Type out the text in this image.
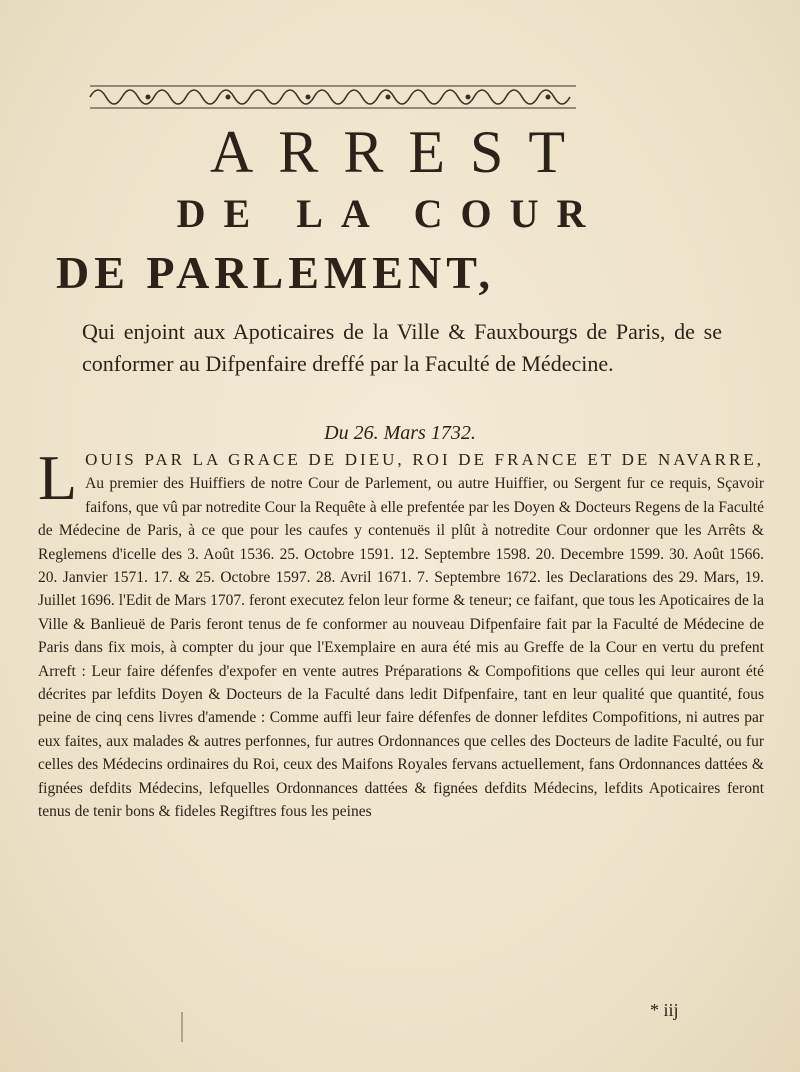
ARREST
DE LA COUR
DE PARLEMENT,

Qui enjoint aux Apoticaires de la Ville & Fauxbourgs de Paris, de se conformer au Difpenfaire dreffé par la Faculté de Médecine.

Du 26. Mars 1732.

LOUIS PAR LA GRACE DE DIEU, ROI DE FRANCE ET DE NAVARRE, Au premier des Huiffiers de notre Cour de Parlement, ou autre Huiffier, ou Sergent fur ce requis, Sçavoir faifons, que vû par notredite Cour la Requête à elle prefentée par les Doyen & Docteurs Regens de la Faculté de Médecine de Paris, à ce que pour les caufes y contenuës il plût à notredite Cour ordonner que les Arrêts & Reglemens d'icelle des 3. Août 1536. 25. Octobre 1591. 12. Septembre 1598. 20. Decembre 1599. 30. Août 1566. 20. Janvier 1571. 17. & 25. Octobre 1597. 28. Avril 1671. 7. Septembre 1672. les Declarations des 29. Mars, 19. Juillet 1696. l'Edit de Mars 1707. feront executez felon leur forme & teneur; ce faifant, que tous les Apoticaires de la Ville & Banlieuë de Paris feront tenus de fe conformer au nouveau Difpenfaire fait par la Faculté de Médecine de Paris dans fix mois, à compter du jour que l'Exemplaire en aura été mis au Greffe de la Cour en vertu du prefent Arreft : Leur faire défenfes d'expofer en vente autres Préparations & Compofitions que celles qui leur auront été décrites par lefdits Doyen & Docteurs de la Faculté dans ledit Difpenfaire, tant en leur qualité que quantité, fous peine de cinq cens livres d'amende : Comme auffi leur faire défenfes de donner lefdites Compofitions, ni autres par eux faites, aux malades & autres perfonnes, fur autres Ordonnances que celles des Docteurs de ladite Faculté, ou fur celles des Médecins ordinaires du Roi, ceux des Maifons Royales fervans actuellement, fans Ordonnances dattées & fignées defdits Médecins, lefquelles Ordonnances dattées & fignées defdits Médecins, lefdits Apoticaires feront tenus de tenir bons & fideles Regiftres fous les peines

* iij
